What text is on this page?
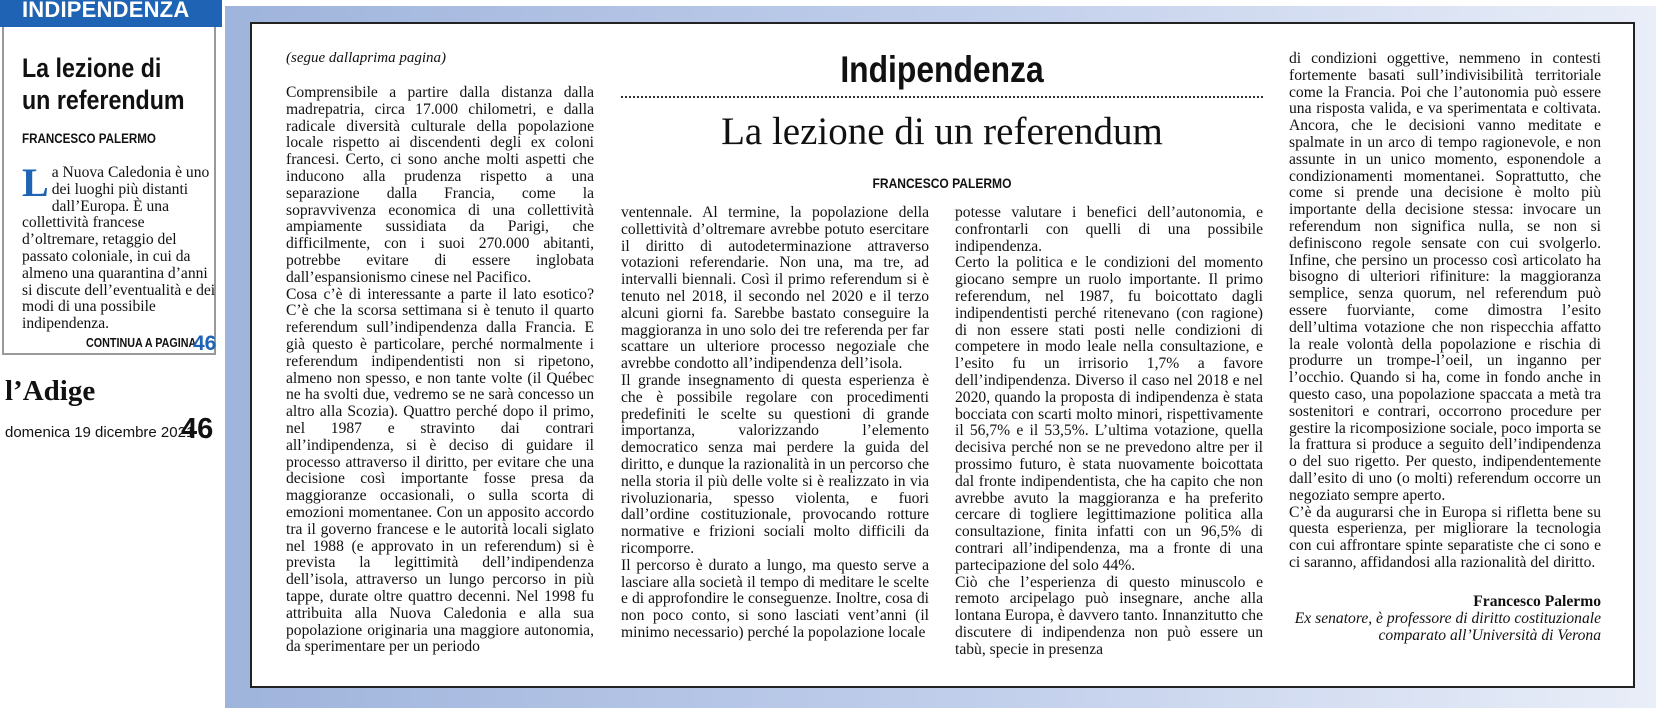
INDIPENDENZA
La lezione di un referendum
FRANCESCO PALERMO
La Nuova Caledonia è uno dei luoghi più distanti dall’Europa. È una collettività francese d’oltremare, retaggio del passato coloniale, in cui da almeno una quarantina d’anni si discute dell’eventualità e dei modi di una possibile indipendenza.
CONTINUA A PAGINA
46
l’Adige
domenica 19 dicembre 2021
46
(segue dallaprima pagina)

Comprensibile a partire dalla distanza dalla madrepatria, circa 17.000 chilometri, e dalla radicale diversità culturale della popolazione locale rispetto ai discendenti degli ex coloni francesi. Certo, ci sono anche molti aspetti che inducono alla prudenza rispetto a una separazione dalla Francia, come la sopravvivenza economica di una collettività ampiamente sussidiata da Parigi, che difficilmente, con i suoi 270.000 abitanti, potrebbe evitare di essere inglobata dall’espansionismo cinese nel Pacifico.

Cosa c’è di interessante a parte il lato esotico? C’è che la scorsa settimana si è tenuto il quarto referendum sull’indipendenza dalla Francia. E già questo è particolare, perché normalmente i referendum indipendentisti non si ripetono, almeno non spesso, e non tante volte (il Québec ne ha svolti due, vedremo se ne sarà concesso un altro alla Scozia). Quattro perché dopo il primo, nel 1987 e stravinto dai contrari all’indipendenza, si è deciso di guidare il processo attraverso il diritto, per evitare che una decisione così importante fosse presa da maggioranze occasionali, o sulla scorta di emozioni momentanee. Con un apposito accordo tra il governo francese e le autorità locali siglato nel 1988 (e approvato in un referendum) si è prevista la legittimità dell’indipendenza dell’isola, attraverso un lungo percorso in più tappe, durate oltre quattro decenni. Nel 1998 fu attribuita alla Nuova Caledonia e alla sua popolazione originaria una maggiore autonomia, da sperimentare per un periodo

Indipendenza
La lezione di un referendum
FRANCESCO PALERMO

ventennale. Al termine, la popolazione della collettività d’oltremare avrebbe potuto esercitare il diritto di autodeterminazione attraverso votazioni referendarie. Non una, ma tre, ad intervalli biennali. Così il primo referendum si è tenuto nel 2018, il secondo nel 2020 e il terzo alcuni giorni fa. Sarebbe bastato conseguire la maggioranza in uno solo dei tre referenda per far scattare un ulteriore processo negoziale che avrebbe condotto all’indipendenza dell’isola.

Il grande insegnamento di questa esperienza è che è possibile regolare con procedimenti predefiniti le scelte su questioni di grande importanza, valorizzando l’elemento democratico senza mai perdere la guida del diritto, e dunque la razionalità in un percorso che nella storia il più delle volte si è realizzato in via rivoluzionaria, spesso violenta, e fuori dall’ordine costituzionale, provocando rotture normative e frizioni sociali molto difficili da ricomporre.

Il percorso è durato a lungo, ma questo serve a lasciare alla società il tempo di meditare le scelte e di approfondire le conseguenze. Inoltre, cosa di non poco conto, si sono lasciati vent’anni (il minimo necessario) perché la popolazione locale

potesse valutare i benefici dell’autonomia, e confrontarli con quelli di una possibile indipendenza.

Certo la politica e le condizioni del momento giocano sempre un ruolo importante. Il primo referendum, nel 1987, fu boicottato dagli indipendentisti perché ritenevano (con ragione) di non essere stati posti nelle condizioni di competere in modo leale nella consultazione, e l’esito fu un irrisorio 1,7% a favore dell’indipendenza. Diverso il caso nel 2018 e nel 2020, quando la proposta di indipendenza è stata bocciata con scarti molto minori, rispettivamente il 56,7% e il 53,5%. L’ultima votazione, quella decisiva perché non se ne prevedono altre per il prossimo futuro, è stata nuovamente boicottata dal fronte indipendentista, che ha capito che non avrebbe avuto la maggioranza e ha preferito cercare di togliere legittimazione politica alla consultazione, finita infatti con un 96,5% di contrari all’indipendenza, ma a fronte di una partecipazione del solo 44%.

Ciò che l’esperienza di questo minuscolo e remoto arcipelago può insegnare, anche alla lontana Europa, è davvero tanto. Innanzitutto che discutere di indipendenza non può essere un tabù, specie in presenza

di condizioni oggettive, nemmeno in contesti fortemente basati sull’indivisibilità territoriale come la Francia. Poi che l’autonomia può essere una risposta valida, e va sperimentata e coltivata. Ancora, che le decisioni vanno meditate e spalmate in un arco di tempo ragionevole, e non assunte in un unico momento, esponendole a condizionamenti momentanei. Soprattutto, che come si prende una decisione è molto più importante della decisione stessa: invocare un referendum non significa nulla, se non si definiscono regole sensate con cui svolgerlo. Infine, che persino un processo così articolato ha bisogno di ulteriori rifiniture: la maggioranza semplice, senza quorum, nel referendum può essere fuorviante, come dimostra l’esito dell’ultima votazione che non rispecchia affatto la reale volontà della popolazione e rischia di produrre un trompe-l’oeil, un inganno per l’occhio. Quando si ha, come in fondo anche in questo caso, una popolazione spaccata a metà tra sostenitori e contrari, occorrono procedure per gestire la ricomposizione sociale, poco importa se la frattura si produce a seguito dell’indipendenza o del suo rigetto. Per questo, indipendentemente dall’esito di uno (o molti) referendum occorre un negoziato sempre aperto.

C’è da augurarsi che in Europa si rifletta bene su questa esperienza, per migliorare la tecnologia con cui affrontare spinte separatiste che ci sono e ci saranno, affidandosi alla razionalità del diritto.

Francesco Palermo
Ex senatore, è professore di diritto costituzionale comparato all’Università di Verona
